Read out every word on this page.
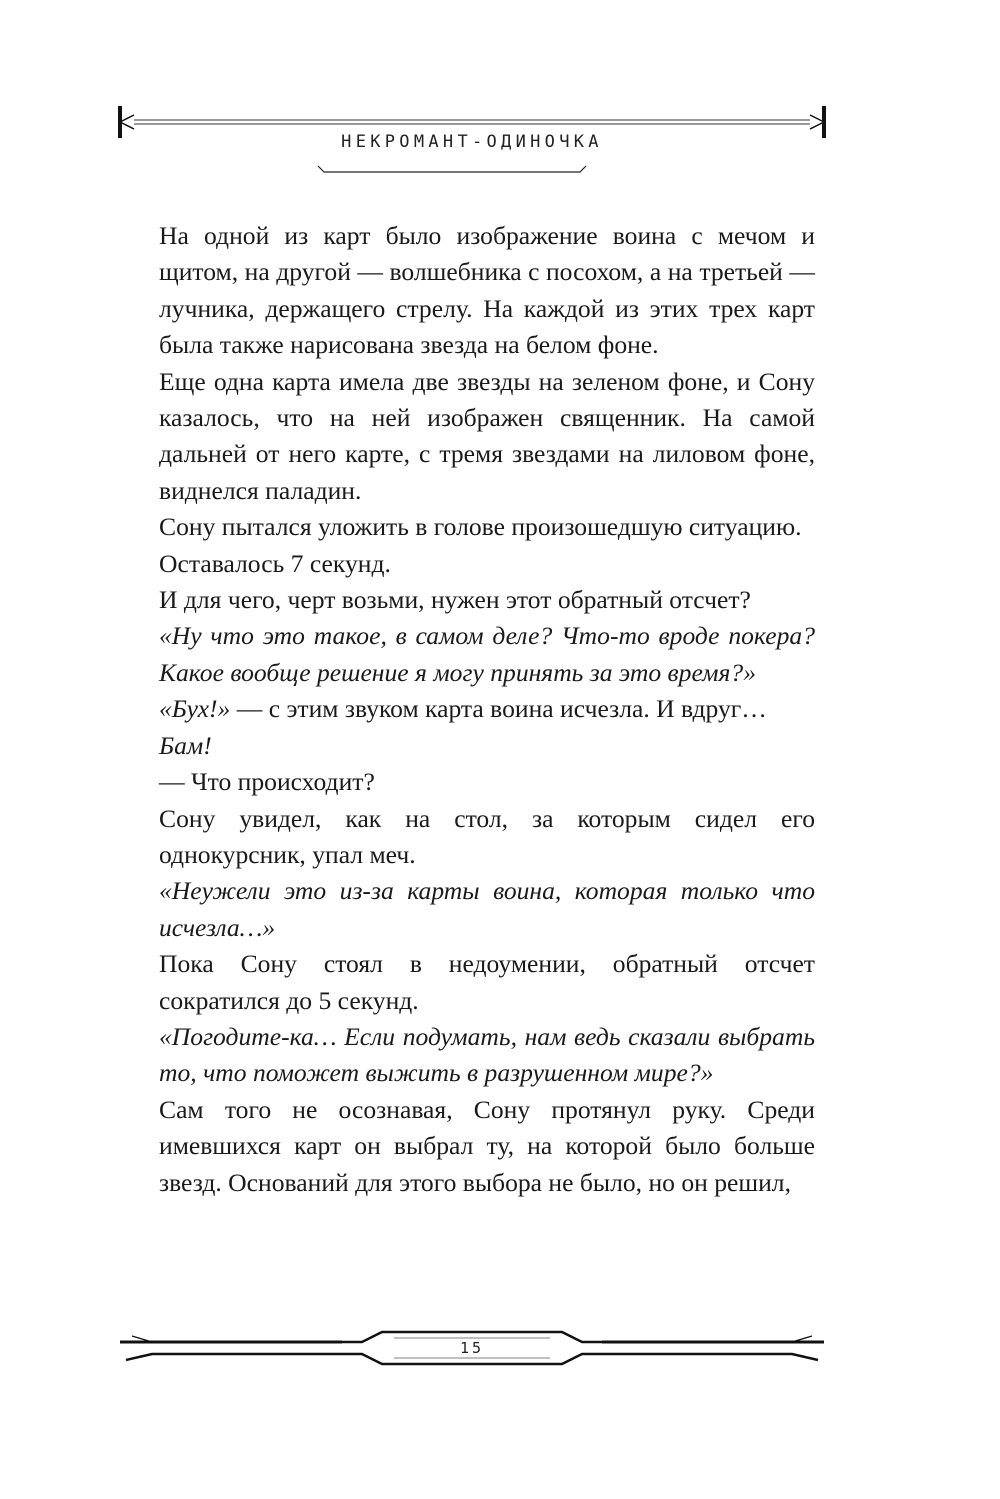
НЕКРОМАНТ-ОДИНОЧКА

На одной из карт было изображение воина с мечом и щитом, на другой — волшебника с посохом, а на третьей — лучника, держащего стрелу. На каждой из этих трех карт была также нарисована звезда на белом фоне.

Еще одна карта имела две звезды на зеленом фоне, и Сону казалось, что на ней изображен священник. На самой дальней от него карте, с тремя звездами на лиловом фоне, виднелся паладин.

Сону пытался уложить в голове произошедшую ситуацию.

Оставалось 7 секунд.

И для чего, черт возьми, нужен этот обратный отсчет?

«Ну что это такое, в самом деле? Что-то вроде покера? Какое вообще решение я могу принять за это время?»

«Бух!» — с этим звуком карта воина исчезла. И вдруг…

Бам!

— Что происходит?

Сону увидел, как на стол, за которым сидел его однокурсник, упал меч.

«Неужели это из-за карты воина, которая только что исчезла…»

Пока Сону стоял в недоумении, обратный отсчет сократился до 5 секунд.

«Погодите-ка… Если подумать, нам ведь сказали выбрать то, что поможет выжить в разрушенном мире?»

Сам того не осознавая, Сону протянул руку. Среди имевшихся карт он выбрал ту, на которой было больше звезд. Оснований для этого выбора не было, но он решил,

15
